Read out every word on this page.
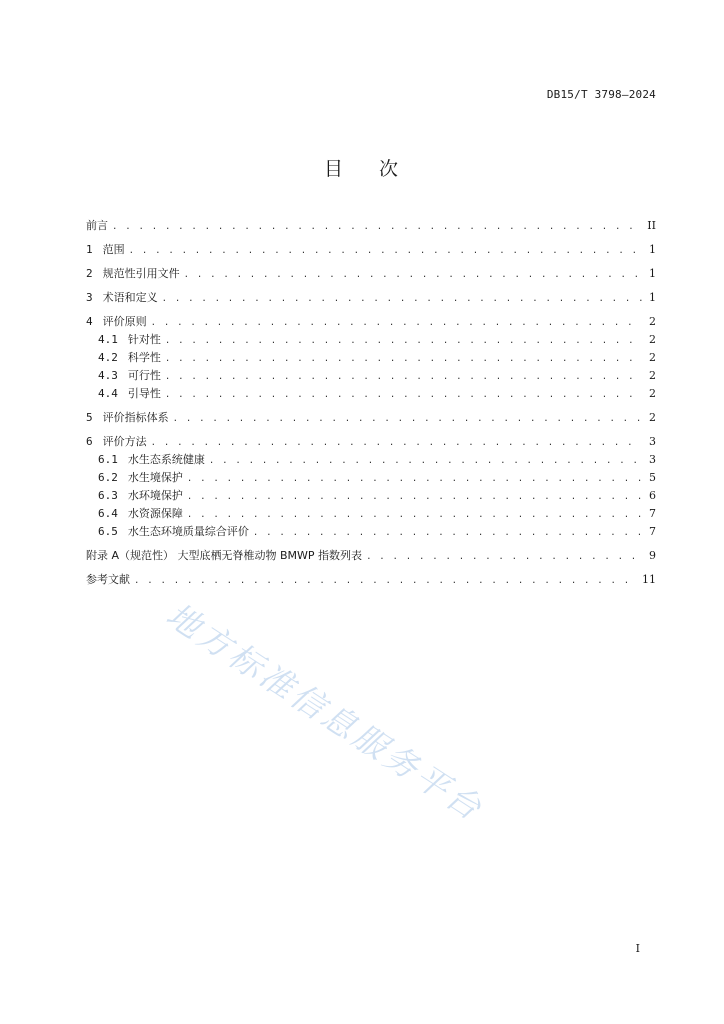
DB15/T 3798—2024
目 次
前言 . . .	II
1 范围 . . .	1
2 规范性引用文件 . . .	1
3 术语和定义 . . .	1
4 评价原则 . . .	2
4.1 针对性 . . .	2
4.2 科学性 . . .	2
4.3 可行性 . . .	2
4.4 引导性 . . .	2
5 评价指标体系 . . .	2
6 评价方法 . . .	3
6.1 水生态系统健康 . . .	3
6.2 水生境保护 . . .	5
6.3 水环境保护 . . .	6
6.4 水资源保障 . . .	7
6.5 水生态环境质量综合评价 . . .	7
附录 A（规范性） 大型底栖无脊椎动物 BMWP 指数列表 . . .	9
参考文献 . . .	11
地方标准信息服务平台
I
